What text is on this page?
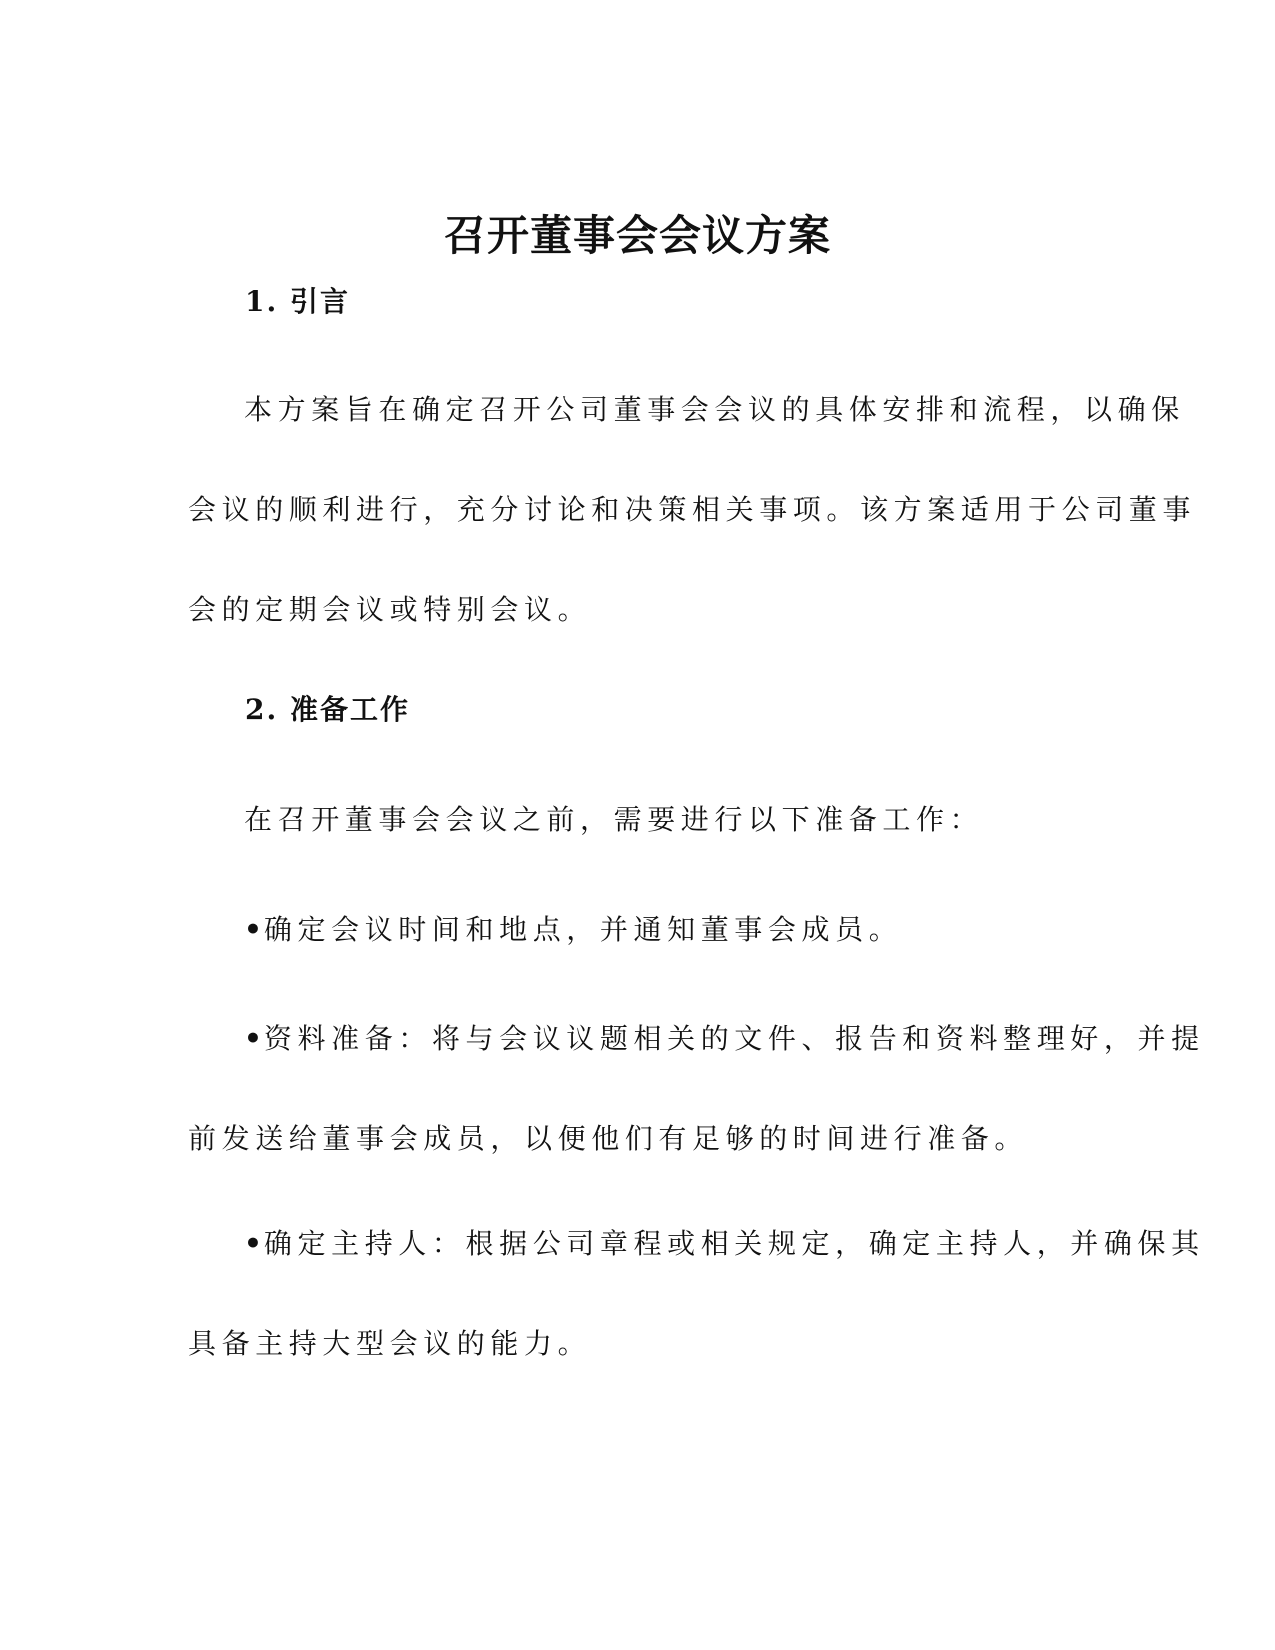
召开董事会会议方案
1. 引言
本方案旨在确定召开公司董事会会议的具体安排和流程，以确保
会议的顺利进行，充分讨论和决策相关事项。该方案适用于公司董事
会的定期会议或特别会议。
2. 准备工作
在召开董事会会议之前，需要进行以下准备工作：
•确定会议时间和地点，并通知董事会成员。
•资料准备：将与会议议题相关的文件、报告和资料整理好，并提
前发送给董事会成员，以便他们有足够的时间进行准备。
•确定主持人：根据公司章程或相关规定，确定主持人，并确保其
具备主持大型会议的能力。
